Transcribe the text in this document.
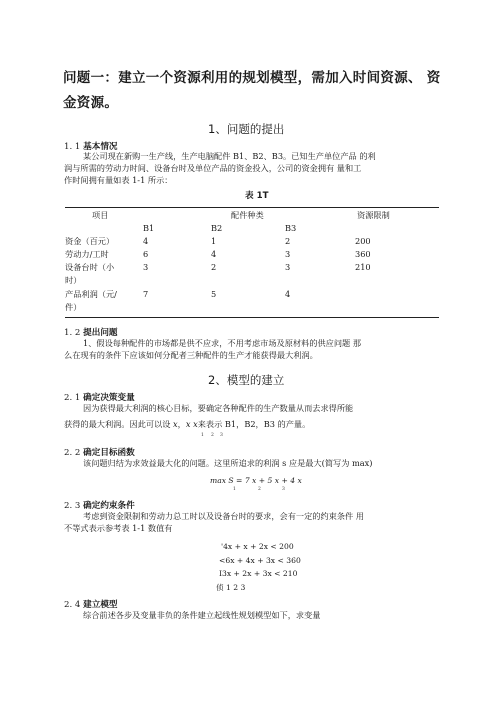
问题一：建立一个资源利用的规划模型，需加入时间资源、 资
金资源。
1、问题的提出
1. 1 基本情况
某公司现在新购一生产线，生产电脑配件 B1、B2、B3。已知生产单位产品 的利
润与所需的劳动力时间、设备台时及单位产品的资金投入，公司的资金拥有 量和工
作时间拥有量如表 1-1 所示：
表 1T
项目	配件种类	资源限制
B1	B2	B3
资金（百元）	4	1	2	200
劳动力/工时	6	4	3	360
设备台时（小	3	2	3	210
时）
产品利润（元/	7	5	4
件）
1. 2 提出问题
1、假设每种配件的市场都是供不应求，不用考虑市场及原材料的供应问题 那
么在现有的条件下应该如何分配者三种配件的生产才能获得最大利润。
2、模型的建立
2. 1 确定决策变量
因为获得最大利润的核心目标，要确定各种配件的生产数量从而去求得所能
获得的最大利润。因此可以设 x，x x来表示 B1，B2，B3 的产量。
1 2 3
2. 2 确定目标函数
该问题归结为求效益最大化的问题。这里所追求的利润 s 应是最大(简写为 max)
max S = 7 x + 5 x + 4 x
1	2	3
2. 3 确定约束条件
考虑到资金限制和劳动力总工时以及设备台时的要求，会有一定的约束条件 用
不等式表示参考表 1-1 数值有
'4x + x + 2x < 200
<6x + 4x + 3x < 360
I3x + 2x + 3x < 210
侦 1 2 3
2. 4 建立模型
综合前述各步及变量非负的条件建立起线性规划模型如下，求变量
